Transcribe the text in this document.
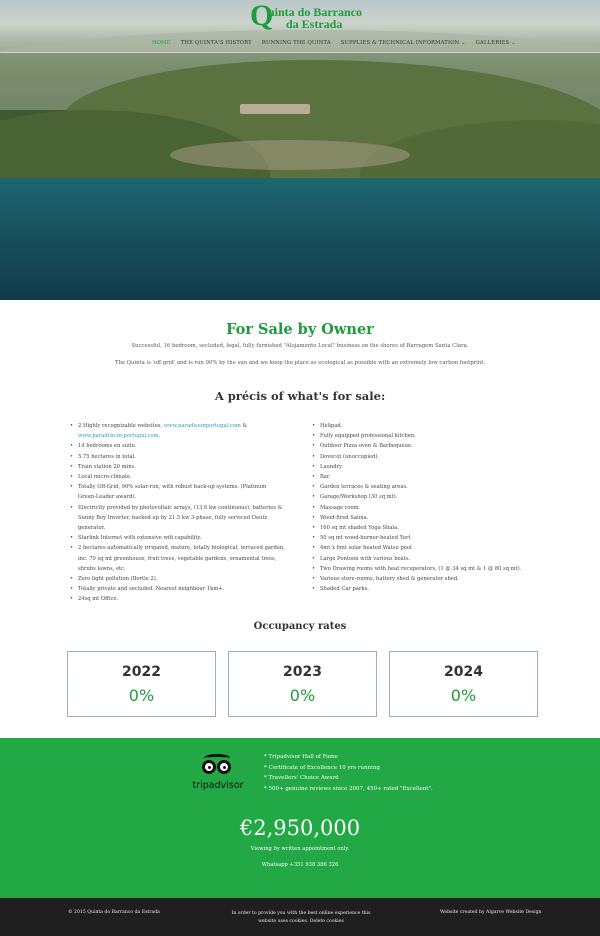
Q
uinta do Barranco
da Estrada
HOME THE QUINTA'S HISTORY RUNNING THE QUINTA SUPPLIES & TECHNICAL INFORMATION ⌄ GALLERIES ⌄
For Sale by Owner

Successful, 16 bedroom, secluded, legal, fully furnished "Alojamento Local" business on the shores of Barragem Santa Clara.

The Quinta is 'off grid' and is run 90% by the sun and we keep the place as ecological as possible with an extremely low carbon footprint.

A précis of what's for sale:
• 2 Highly recognizable websites, www.paradiseinportugal.com & www.paradise-in-portugal.com.
• 14 bedrooms en suite.
• 5.75 hectares in total.
• Train station 20 mins.
• Local micro-climate.
• Totally Off-Grid, 90% solar-run, with robust back-up systems. (Platinum Green-Leader award).
• Electricity provided by photovoltaic arrays, (13.6 kw continuous), batteries & Sunny Boy Inverter, backed up by 21.5 kw 3-phase, fully serviced Deutz generator.
• Starlink Internet with extensive wifi capability.
• 2 hectares automatically irrigated, mature, totally biological, terraced garden, inc. 70 sq mt greenhouse, fruit trees, vegetable gardens, ornamental trees, shrubs lawns, etc.
• Zero light pollution (Bortle 2).
• Totally private and secluded. Nearest neighbour 1km+.
• 24sq mt Office.
• Helipad.
• Fully equipped professional kitchen.
• Outdoor Pizza oven & Barbequeue.
• Dovecot (unoccupied).
• Laundry.
• Bar.
• Garden terraces & seating areas.
• Garage/Workshop (30 sq mt).
• Massage room.
• Wood-fired Sauna.
• 160 sq mt shaded Yoga Shala.
• 50 sq mt wood-burner-heated Yurt
• 4mt x 6mt solar heated Watsu pool
• Large Pontoon with various boats.
• Two Drawing rooms with heat recuperators, (1 @ 34 sq mt & 1 @ 80 sq mt).
• Various store-rooms, battery shed & generator shed.
• Shaded Car parks.
Occupancy rates
2022
0%
2023
0%
2024
0%
tripadvisor
* Tripadvisor Hall of Fame
* Certificate of Excellence 10 yrs running
* Travellers' Choice Award
* 500+ genuine reviews since 2007, 450+ rated "Excellent".
€2,950,000
Viewing by written appointment only.
Whatsapp +351 938 386 326
© 2015 Quinta do Barranco da Estrada	In order to provide you with the best online experience this
website uses cookies. Delete cookies
Website created by Algarve Website Design
